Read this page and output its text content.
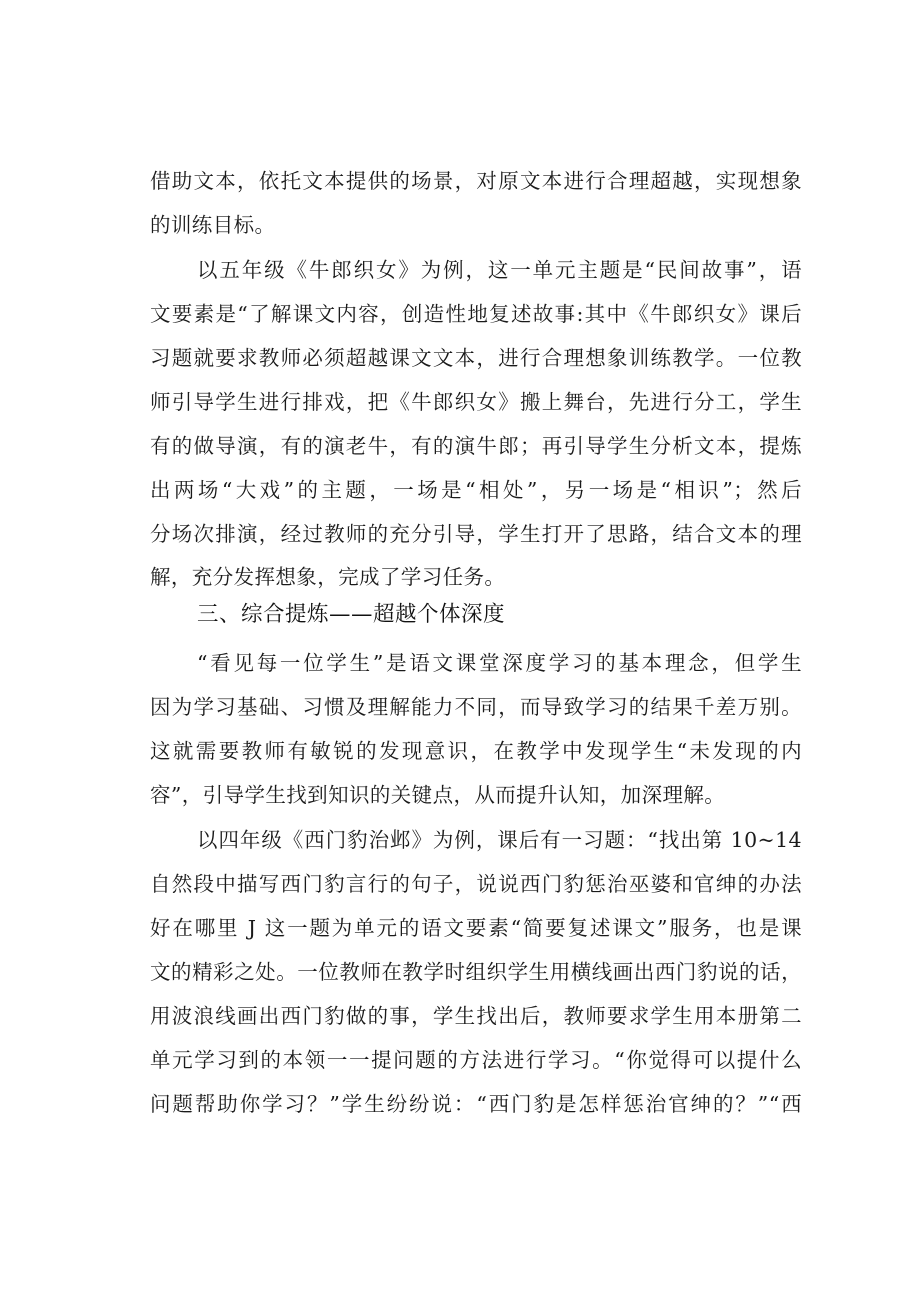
借助文本，依托文本提供的场景，对原文本进行合理超越，实现想象
的训练目标。
以五年级《牛郎织女》为例，这一单元主题是“民间故事”，语
文要素是“了解课文内容，创造性地复述故事:其中《牛郎织女》课后
习题就要求教师必须超越课文文本，进行合理想象训练教学。一位教
师引导学生进行排戏，把《牛郎织女》搬上舞台，先进行分工，学生
有的做导演，有的演老牛，有的演牛郎；再引导学生分析文本，提炼
出两场“大戏”的主题，一场是“相处”，另一场是“相识”；然后
分场次排演，经过教师的充分引导，学生打开了思路，结合文本的理
解，充分发挥想象，完成了学习任务。
三、综合提炼——超越个体深度
“看见每一位学生”是语文课堂深度学习的基本理念，但学生
因为学习基础、习惯及理解能力不同，而导致学习的结果千差万别。
这就需要教师有敏锐的发现意识，在教学中发现学生“未发现的内
容”，引导学生找到知识的关键点，从而提升认知，加深理解。
以四年级《西门豹治邺》为例，课后有一习题：“找出第 10~14
自然段中描写西门豹言行的句子，说说西门豹惩治巫婆和官绅的办法
好在哪里 J 这一题为单元的语文要素“简要复述课文”服务，也是课
文的精彩之处。一位教师在教学时组织学生用横线画出西门豹说的话，
用波浪线画出西门豹做的事，学生找出后，教师要求学生用本册第二
单元学习到的本领一一提问题的方法进行学习。“你觉得可以提什么
问题帮助你学习？”学生纷纷说：“西门豹是怎样惩治官绅的？”“西
